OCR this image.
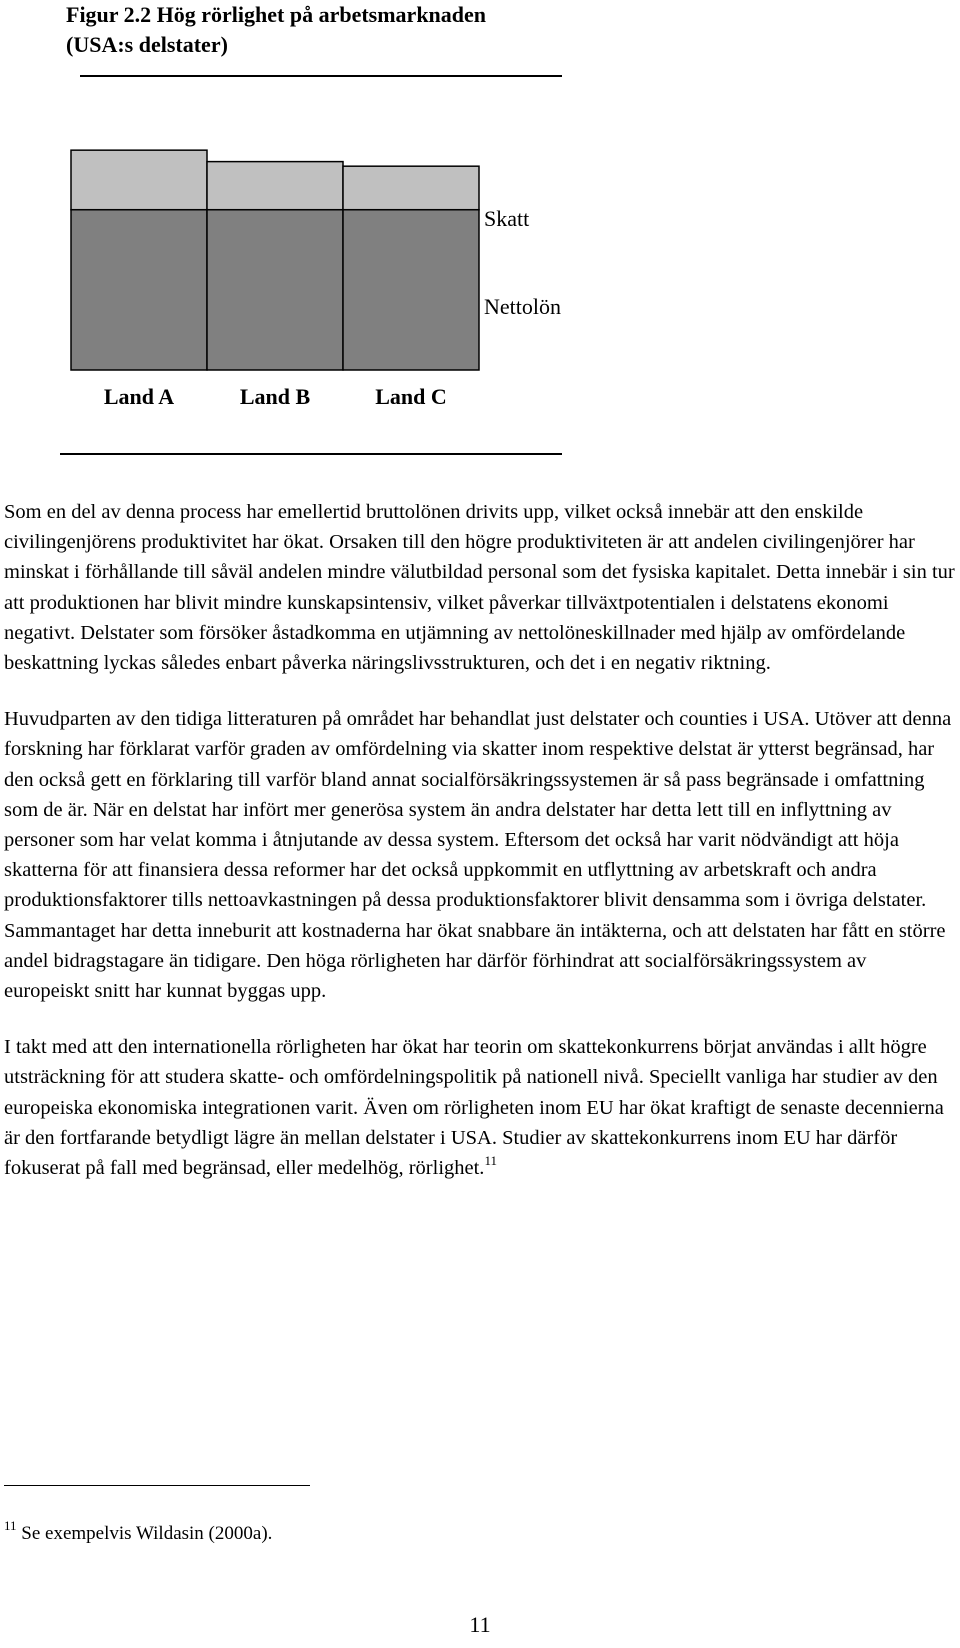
Figur 2.2 Hög rörlighet på arbetsmarknaden
(USA:s delstater)
Land A	Land B	Land C
Nettolön
Skatt

Som en del av denna process har emellertid bruttolönen drivits upp, vilket också innebär att den enskilde civilingenjörens produktivitet har ökat. Orsaken till den högre produktiviteten är att andelen civilingenjörer har minskat i förhållande till såväl andelen mindre välutbildad personal som det fysiska kapitalet. Detta innebär i sin tur att produktionen har blivit mindre kunskapsintensiv, vilket påverkar tillväxtpotentialen i delstatens ekonomi negativt. Delstater som försöker åstadkomma en utjämning av nettolöneskillnader med hjälp av omfördelande beskattning lyckas således enbart påverka näringslivsstrukturen, och det i en negativ riktning.

Huvudparten av den tidiga litteraturen på området har behandlat just delstater och counties i USA. Utöver att denna forskning har förklarat varför graden av omfördelning via skatter inom respektive delstat är ytterst begränsad, har den också gett en förklaring till varför bland annat socialförsäkringssystemen är så pass begränsade i omfattning som de är. När en delstat har infört mer generösa system än andra delstater har detta lett till en inflyttning av personer som har velat komma i åtnjutande av dessa system. Eftersom det också har varit nödvändigt att höja skatterna för att finansiera dessa reformer har det också uppkommit en utflyttning av arbetskraft och andra produktionsfaktorer tills nettoavkastningen på dessa produktionsfaktorer blivit densamma som i övriga delstater. Sammantaget har detta inneburit att kostnaderna har ökat snabbare än intäkterna, och att delstaten har fått en större andel bidragstagare än tidigare. Den höga rörligheten har därför förhindrat att socialförsäkringssystem av europeiskt snitt har kunnat byggas upp.

I takt med att den internationella rörligheten har ökat har teorin om skattekonkurrens börjat användas i allt högre utsträckning för att studera skatte- och omfördelningspolitik på nationell nivå. Speciellt vanliga har studier av den europeiska ekonomiska integrationen varit. Även om rörligheten inom EU har ökat kraftigt de senaste decennierna är den fortfarande betydligt lägre än mellan delstater i USA. Studier av skattekonkurrens inom EU har därför fokuserat på fall med begränsad, eller medelhög, rörlighet.$^{11}$

$^{11}$ Se exempelvis Wildasin (2000a).
11
